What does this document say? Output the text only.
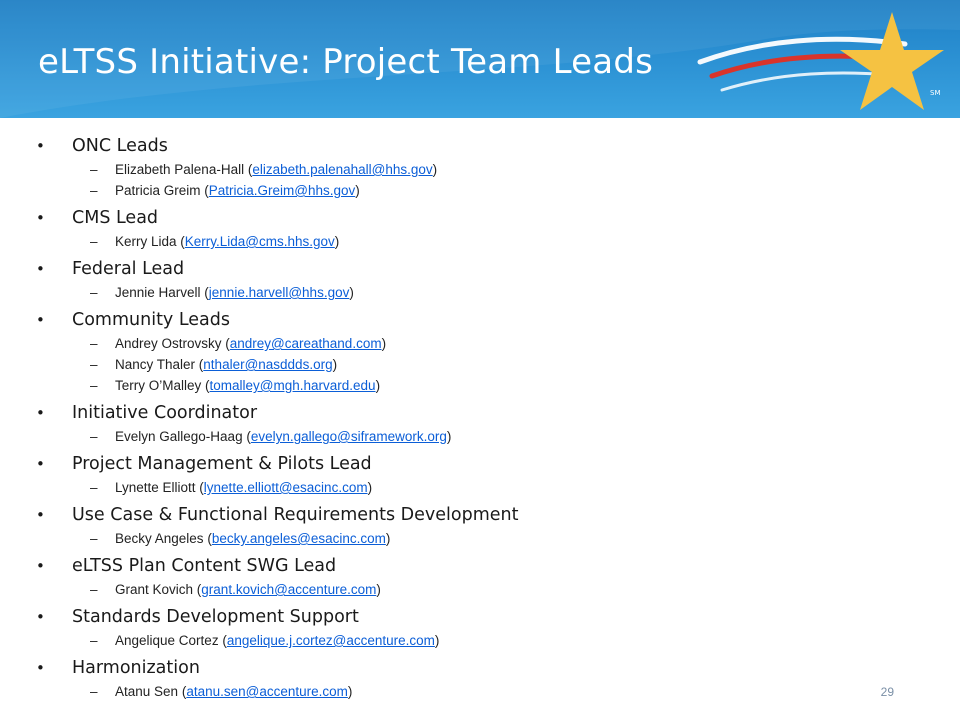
SM
eLTSS Initiative: Project Team Leads
• ONC Leads
– Elizabeth Palena-Hall (elizabeth.palenahall@hhs.gov)
– Patricia Greim (Patricia.Greim@hhs.gov)
• CMS Lead
– Kerry Lida (Kerry.Lida@cms.hhs.gov)
• Federal Lead
– Jennie Harvell (jennie.harvell@hhs.gov)
• Community Leads
– Andrey Ostrovsky (andrey@careathand.com)
– Nancy Thaler (nthaler@nasddds.org)
– Terry O’Malley (tomalley@mgh.harvard.edu)
• Initiative Coordinator
– Evelyn Gallego-Haag (evelyn.gallego@siframework.org)
• Project Management & Pilots Lead
– Lynette Elliott (lynette.elliott@esacinc.com)
• Use Case & Functional Requirements Development
– Becky Angeles (becky.angeles@esacinc.com)
• eLTSS Plan Content SWG Lead
– Grant Kovich (grant.kovich@accenture.com)
• Standards Development Support
– Angelique Cortez (angelique.j.cortez@accenture.com)
• Harmonization
– Atanu Sen (atanu.sen@accenture.com)	29
